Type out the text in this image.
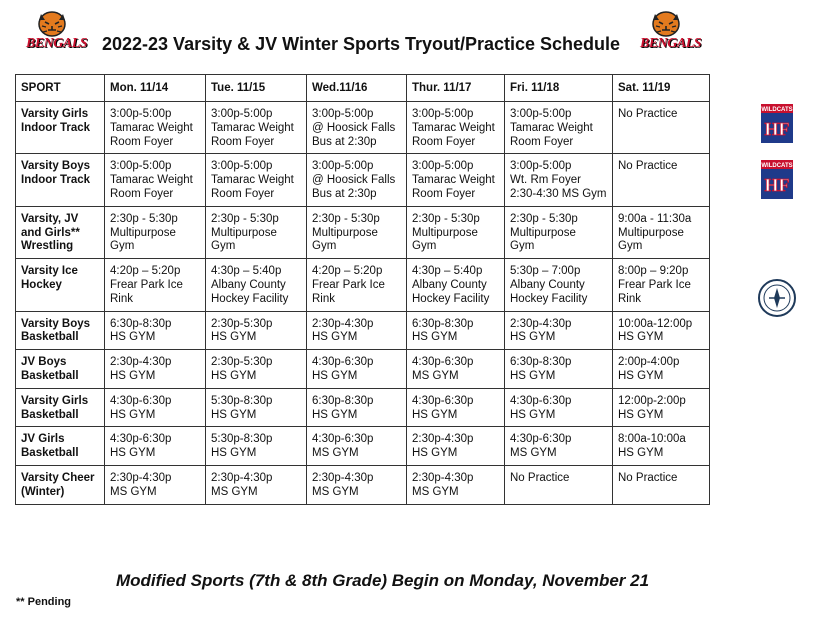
BENGALS	BENGALS
2022-23 Varsity & JV Winter Sports Tryout/Practice Schedule
SPORT	Mon. 11/14	Tue. 11/15	Wed.11/16	Thur. 11/17	Fri. 11/18	Sat. 11/19

Varsity Girls
Indoor Track	3:00p-5:00p
Tamarac Weight
Room Foyer	3:00p-5:00p
Tamarac Weight
Room Foyer	3:00p-5:00p
@ Hoosick Falls
Bus at 2:30p	3:00p-5:00p
Tamarac Weight
Room Foyer	3:00p-5:00p
Tamarac Weight
Room Foyer	No Practice

Varsity Boys
Indoor Track	3:00p-5:00p
Tamarac Weight
Room Foyer	3:00p-5:00p
Tamarac Weight
Room Foyer	3:00p-5:00p
@ Hoosick Falls
Bus at 2:30p	3:00p-5:00p
Tamarac Weight
Room Foyer	3:00p-5:00p
Wt. Rm Foyer
2:30-4:30 MS Gym	No Practice

Varsity, JV
and Girls**
Wrestling	2:30p - 5:30p
Multipurpose
Gym	2:30p - 5:30p
Multipurpose
Gym	2:30p - 5:30p
Multipurpose
Gym	2:30p - 5:30p
Multipurpose
Gym	2:30p - 5:30p
Multipurpose
Gym	9:00a - 11:30a
Multipurpose
Gym

Varsity Ice
Hockey	4:20p – 5:20p
Frear Park Ice
Rink	4:30p – 5:40p
Albany County
Hockey Facility	4:20p – 5:20p
Frear Park Ice
Rink	4:30p – 5:40p
Albany County
Hockey Facility	5:30p – 7:00p
Albany County
Hockey Facility	8:00p – 9:20p
Frear Park Ice
Rink

Varsity Boys
Basketball	6:30p-8:30p
HS GYM	2:30p-5:30p
HS GYM	2:30p-4:30p
HS GYM	6:30p-8:30p
HS GYM	2:30p-4:30p
HS GYM	10:00a-12:00p
HS GYM

JV Boys
Basketball	2:30p-4:30p
HS GYM	2:30p-5:30p
HS GYM	4:30p-6:30p
HS GYM	4:30p-6:30p
MS GYM	6:30p-8:30p
HS GYM	2:00p-4:00p
HS GYM

Varsity Girls
Basketball	4:30p-6:30p
HS GYM	5:30p-8:30p
HS GYM	6:30p-8:30p
HS GYM	4:30p-6:30p
HS GYM	4:30p-6:30p
HS GYM	12:00p-2:00p
HS GYM

JV Girls
Basketball	4:30p-6:30p
HS GYM	5:30p-8:30p
HS GYM	4:30p-6:30p
MS GYM	2:30p-4:30p
HS GYM	4:30p-6:30p
MS GYM	8:00a-10:00a
HS GYM

Varsity Cheer
(Winter)	2:30p-4:30p
MS GYM	2:30p-4:30p
MS GYM	2:30p-4:30p
MS GYM	2:30p-4:30p
MS GYM	No Practice	No Practice
WILDCATS
HF
WILDCATS
HF
Modified Sports (7th & 8th Grade) Begin on Monday, November 21
** Pending
